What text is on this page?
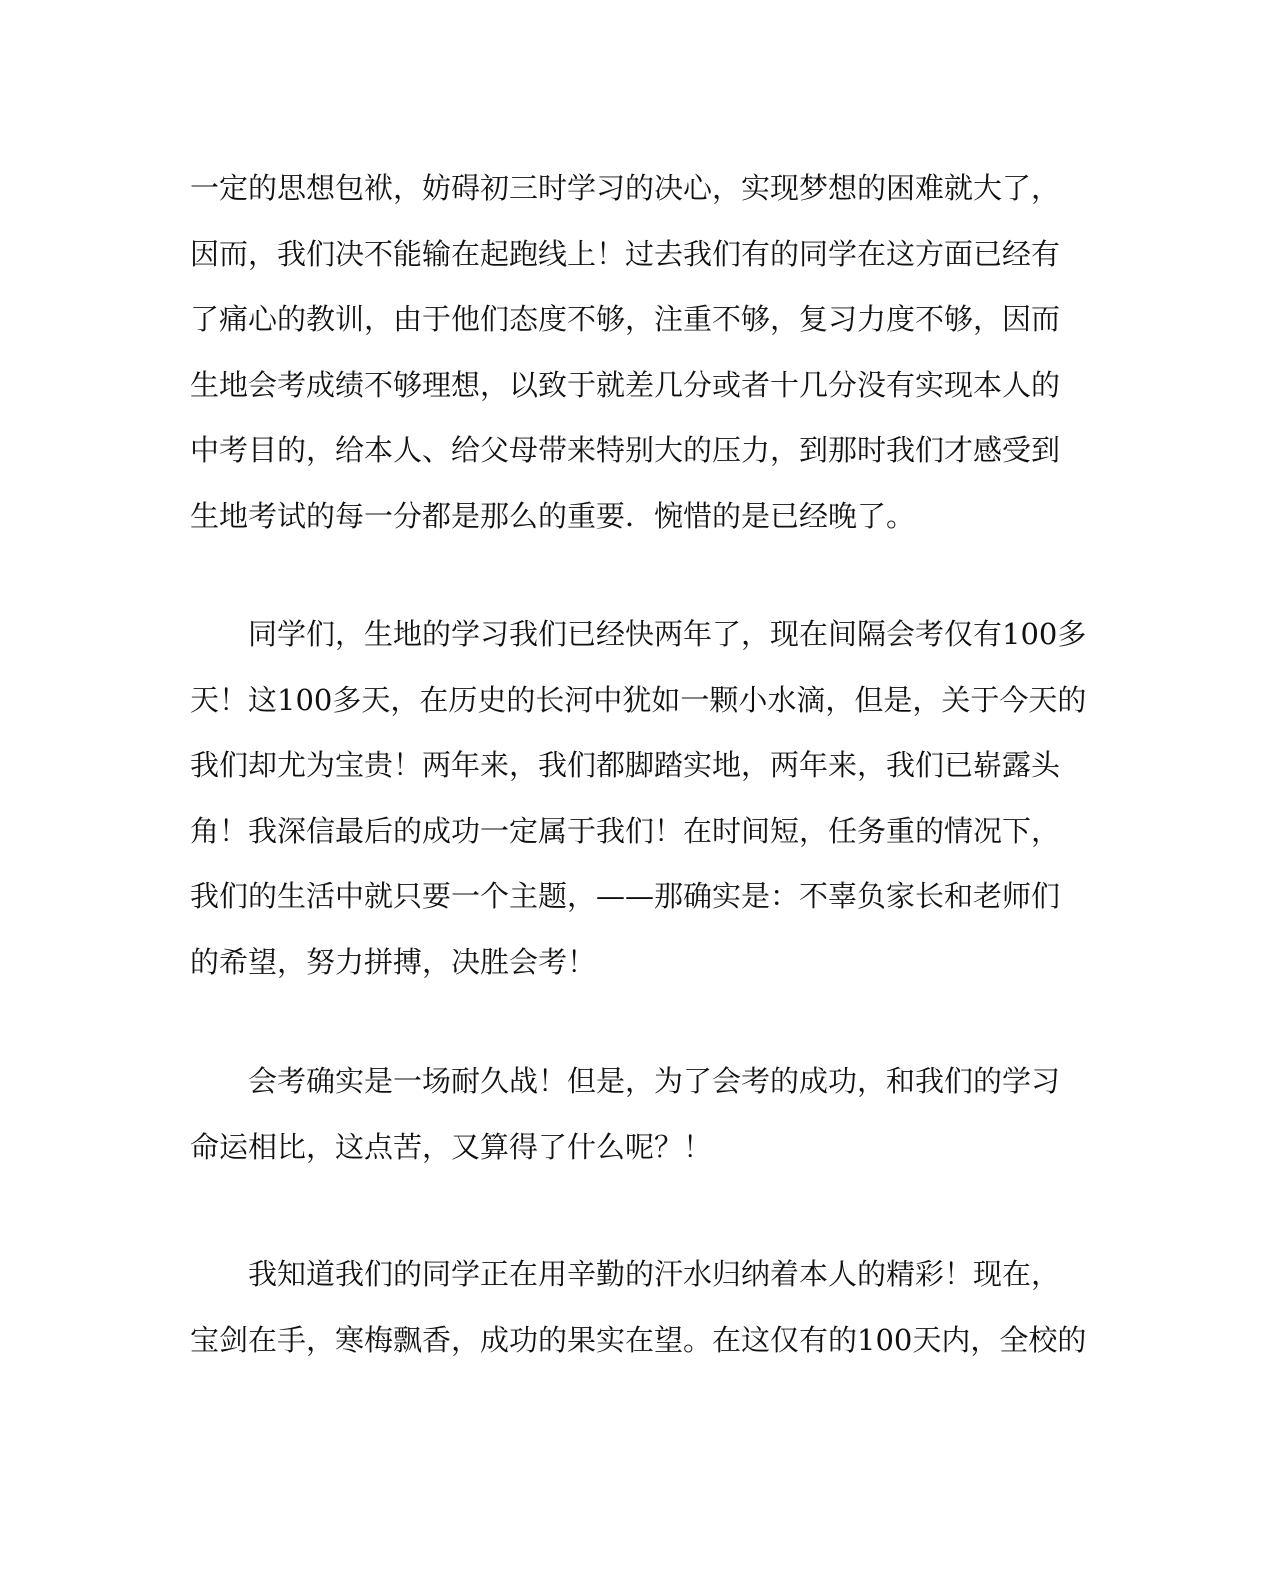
一定的思想包袱，妨碍初三时学习的决心，实现梦想的困难就大了，
因而，我们决不能输在起跑线上！过去我们有的同学在这方面已经有
了痛心的教训，由于他们态度不够，注重不够，复习力度不够，因而
生地会考成绩不够理想，以致于就差几分或者十几分没有实现本人的
中考目的，给本人、给父母带来特别大的压力，到那时我们才感受到
生地考试的每一分都是那么的重要．惋惜的是已经晚了。
同学们，生地的学习我们已经快两年了，现在间隔会考仅有100多
天！这100多天，在历史的长河中犹如一颗小水滴，但是，关于今天的
我们却尤为宝贵！两年来，我们都脚踏实地，两年来，我们已崭露头
角！我深信最后的成功一定属于我们！在时间短，任务重的情况下，
我们的生活中就只要一个主题，——那确实是：不辜负家长和老师们
的希望，努力拼搏，决胜会考！
会考确实是一场耐久战！但是，为了会考的成功，和我们的学习
命运相比，这点苦，又算得了什么呢？！
我知道我们的同学正在用辛勤的汗水归纳着本人的精彩！现在，
宝剑在手，寒梅飘香，成功的果实在望。在这仅有的100天内，全校的
